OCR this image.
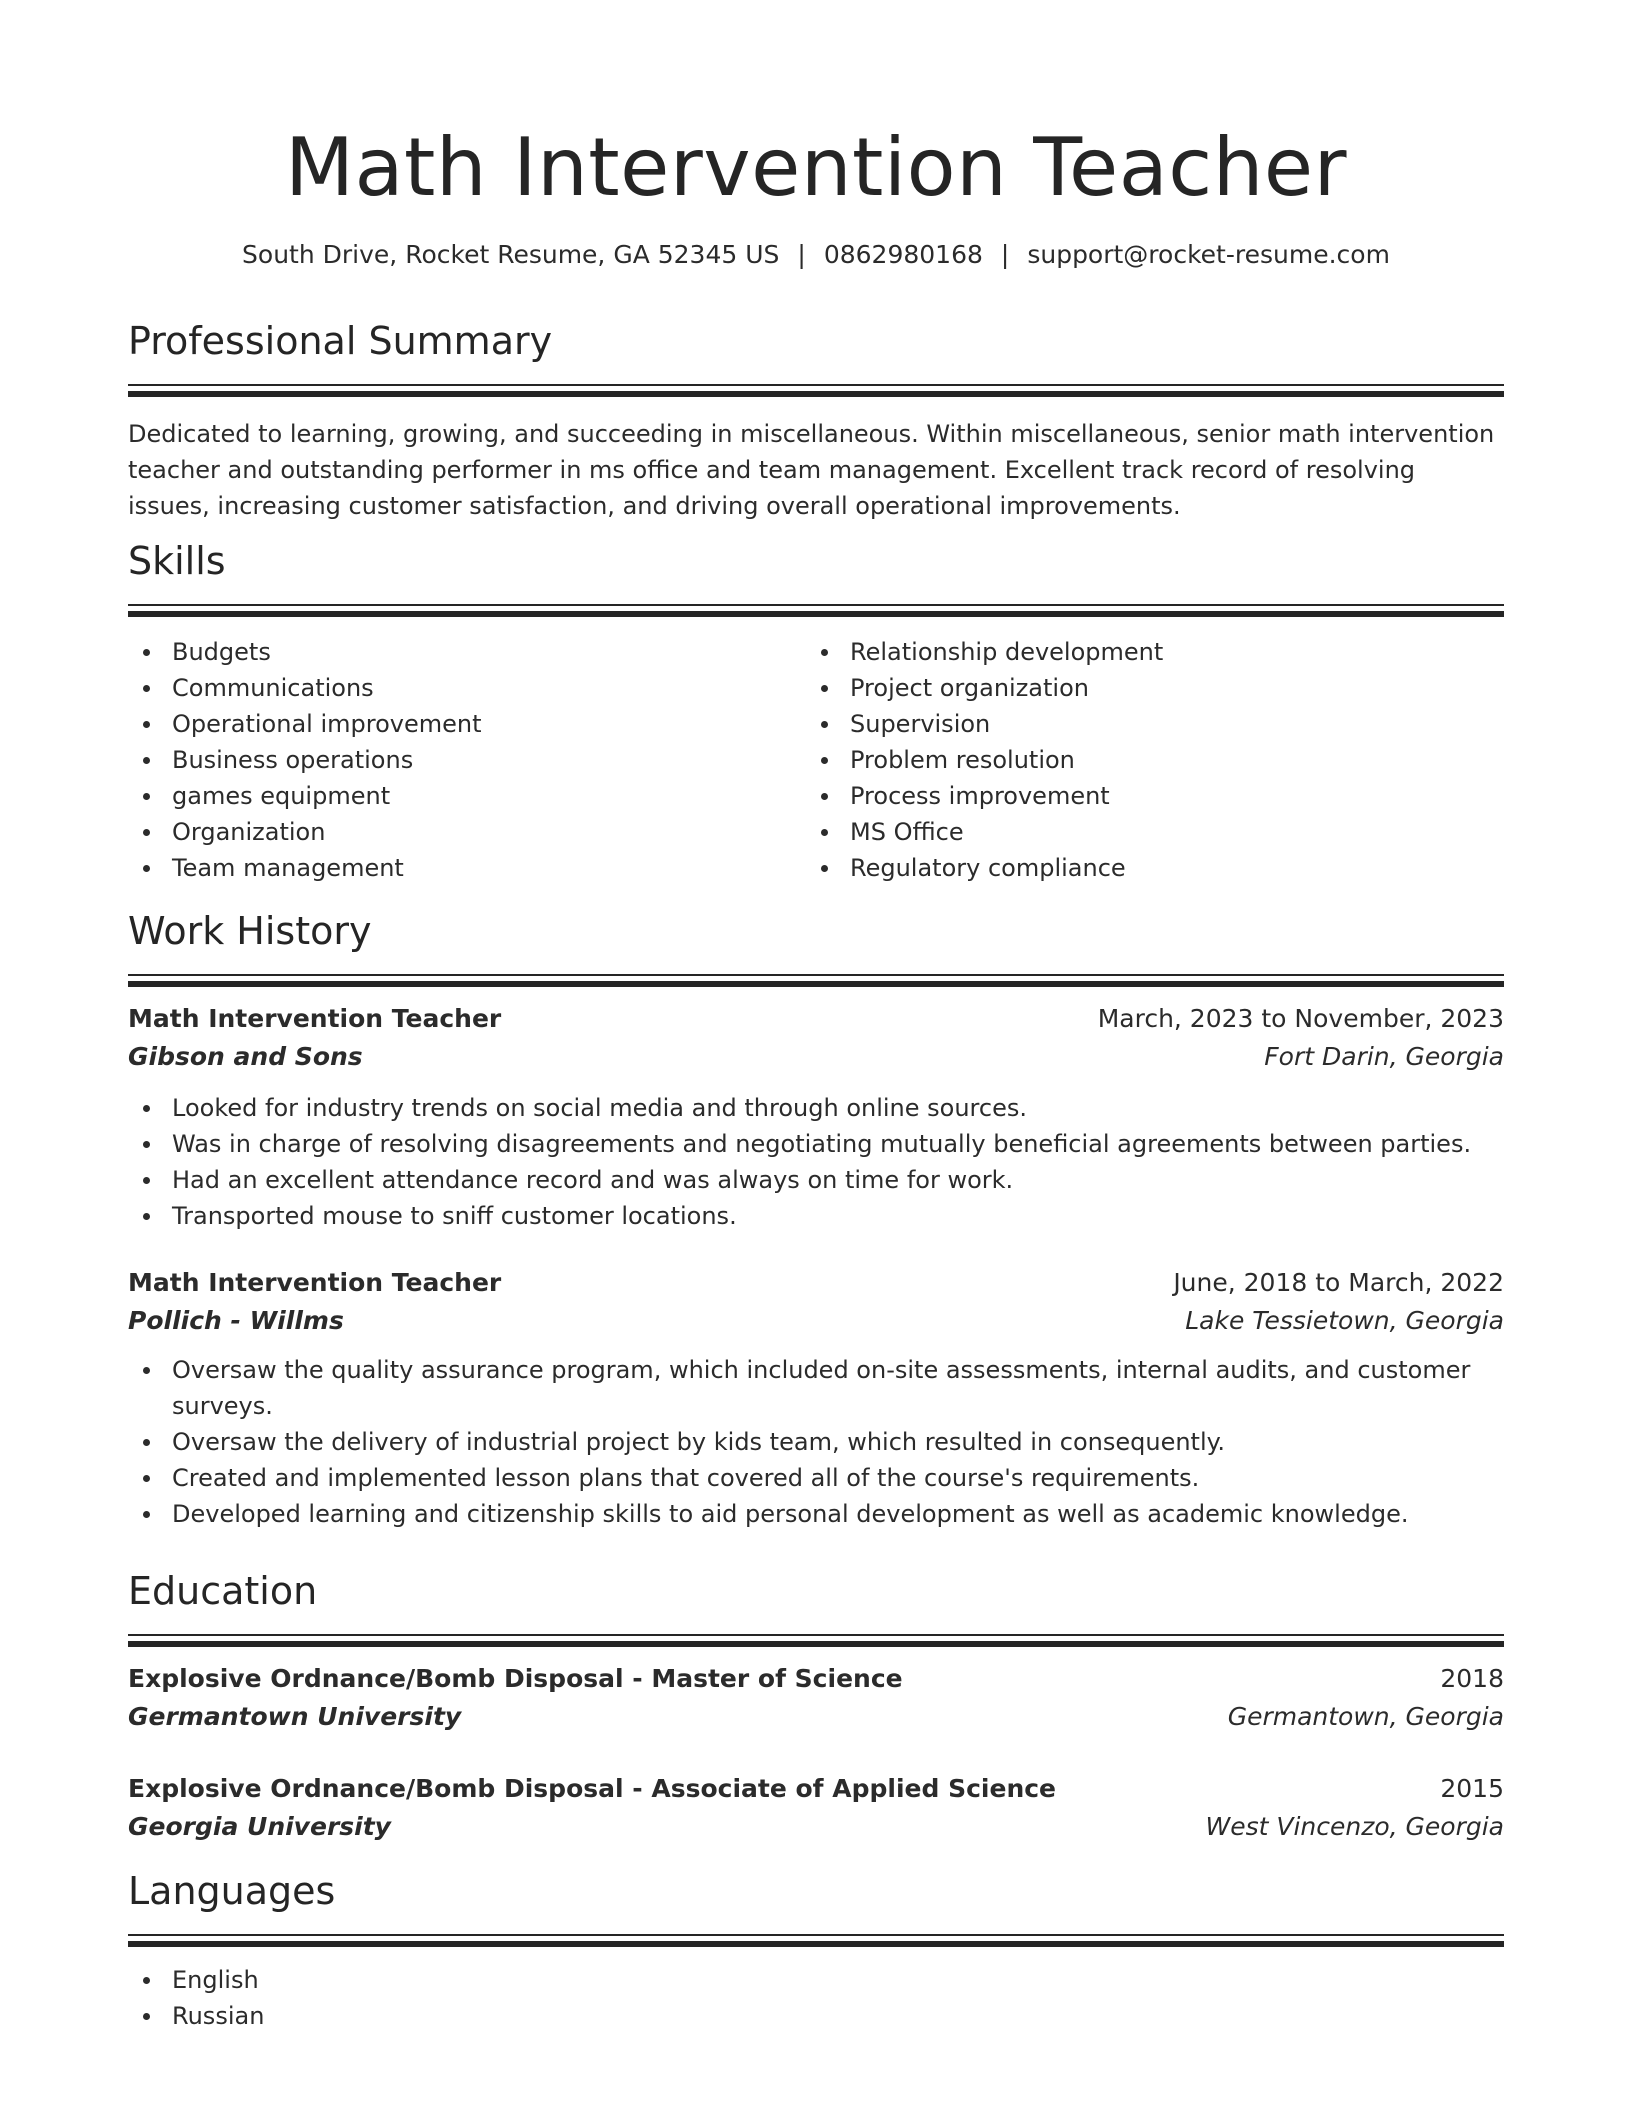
Math Intervention Teacher
South Drive, Rocket Resume, GA 52345 US | 0862980168 | support@rocket-resume.com
Professional Summary
Dedicated to learning, growing, and succeeding in miscellaneous. Within miscellaneous, senior math intervention teacher and outstanding performer in ms office and team management. Excellent track record of resolving issues, increasing customer satisfaction, and driving overall operational improvements.
Skills
Budgets
Communications
Operational improvement
Business operations
games equipment
Organization
Team management
Relationship development
Project organization
Supervision
Problem resolution
Process improvement
MS Office
Regulatory compliance
Work History
Math Intervention Teacher	March, 2023 to November, 2023
Gibson and Sons	Fort Darin, Georgia
Looked for industry trends on social media and through online sources.
Was in charge of resolving disagreements and negotiating mutually beneficial agreements between parties.
Had an excellent attendance record and was always on time for work.
Transported mouse to sniff customer locations.
Math Intervention Teacher	June, 2018 to March, 2022
Pollich - Willms	Lake Tessietown, Georgia
Oversaw the quality assurance program, which included on-site assessments, internal audits, and customer surveys.
Oversaw the delivery of industrial project by kids team, which resulted in consequently.
Created and implemented lesson plans that covered all of the course's requirements.
Developed learning and citizenship skills to aid personal development as well as academic knowledge.
Education
Explosive Ordnance/Bomb Disposal - Master of Science	2018
Germantown University	Germantown, Georgia
Explosive Ordnance/Bomb Disposal - Associate of Applied Science	2015
Georgia University	West Vincenzo, Georgia
Languages
English
Russian
